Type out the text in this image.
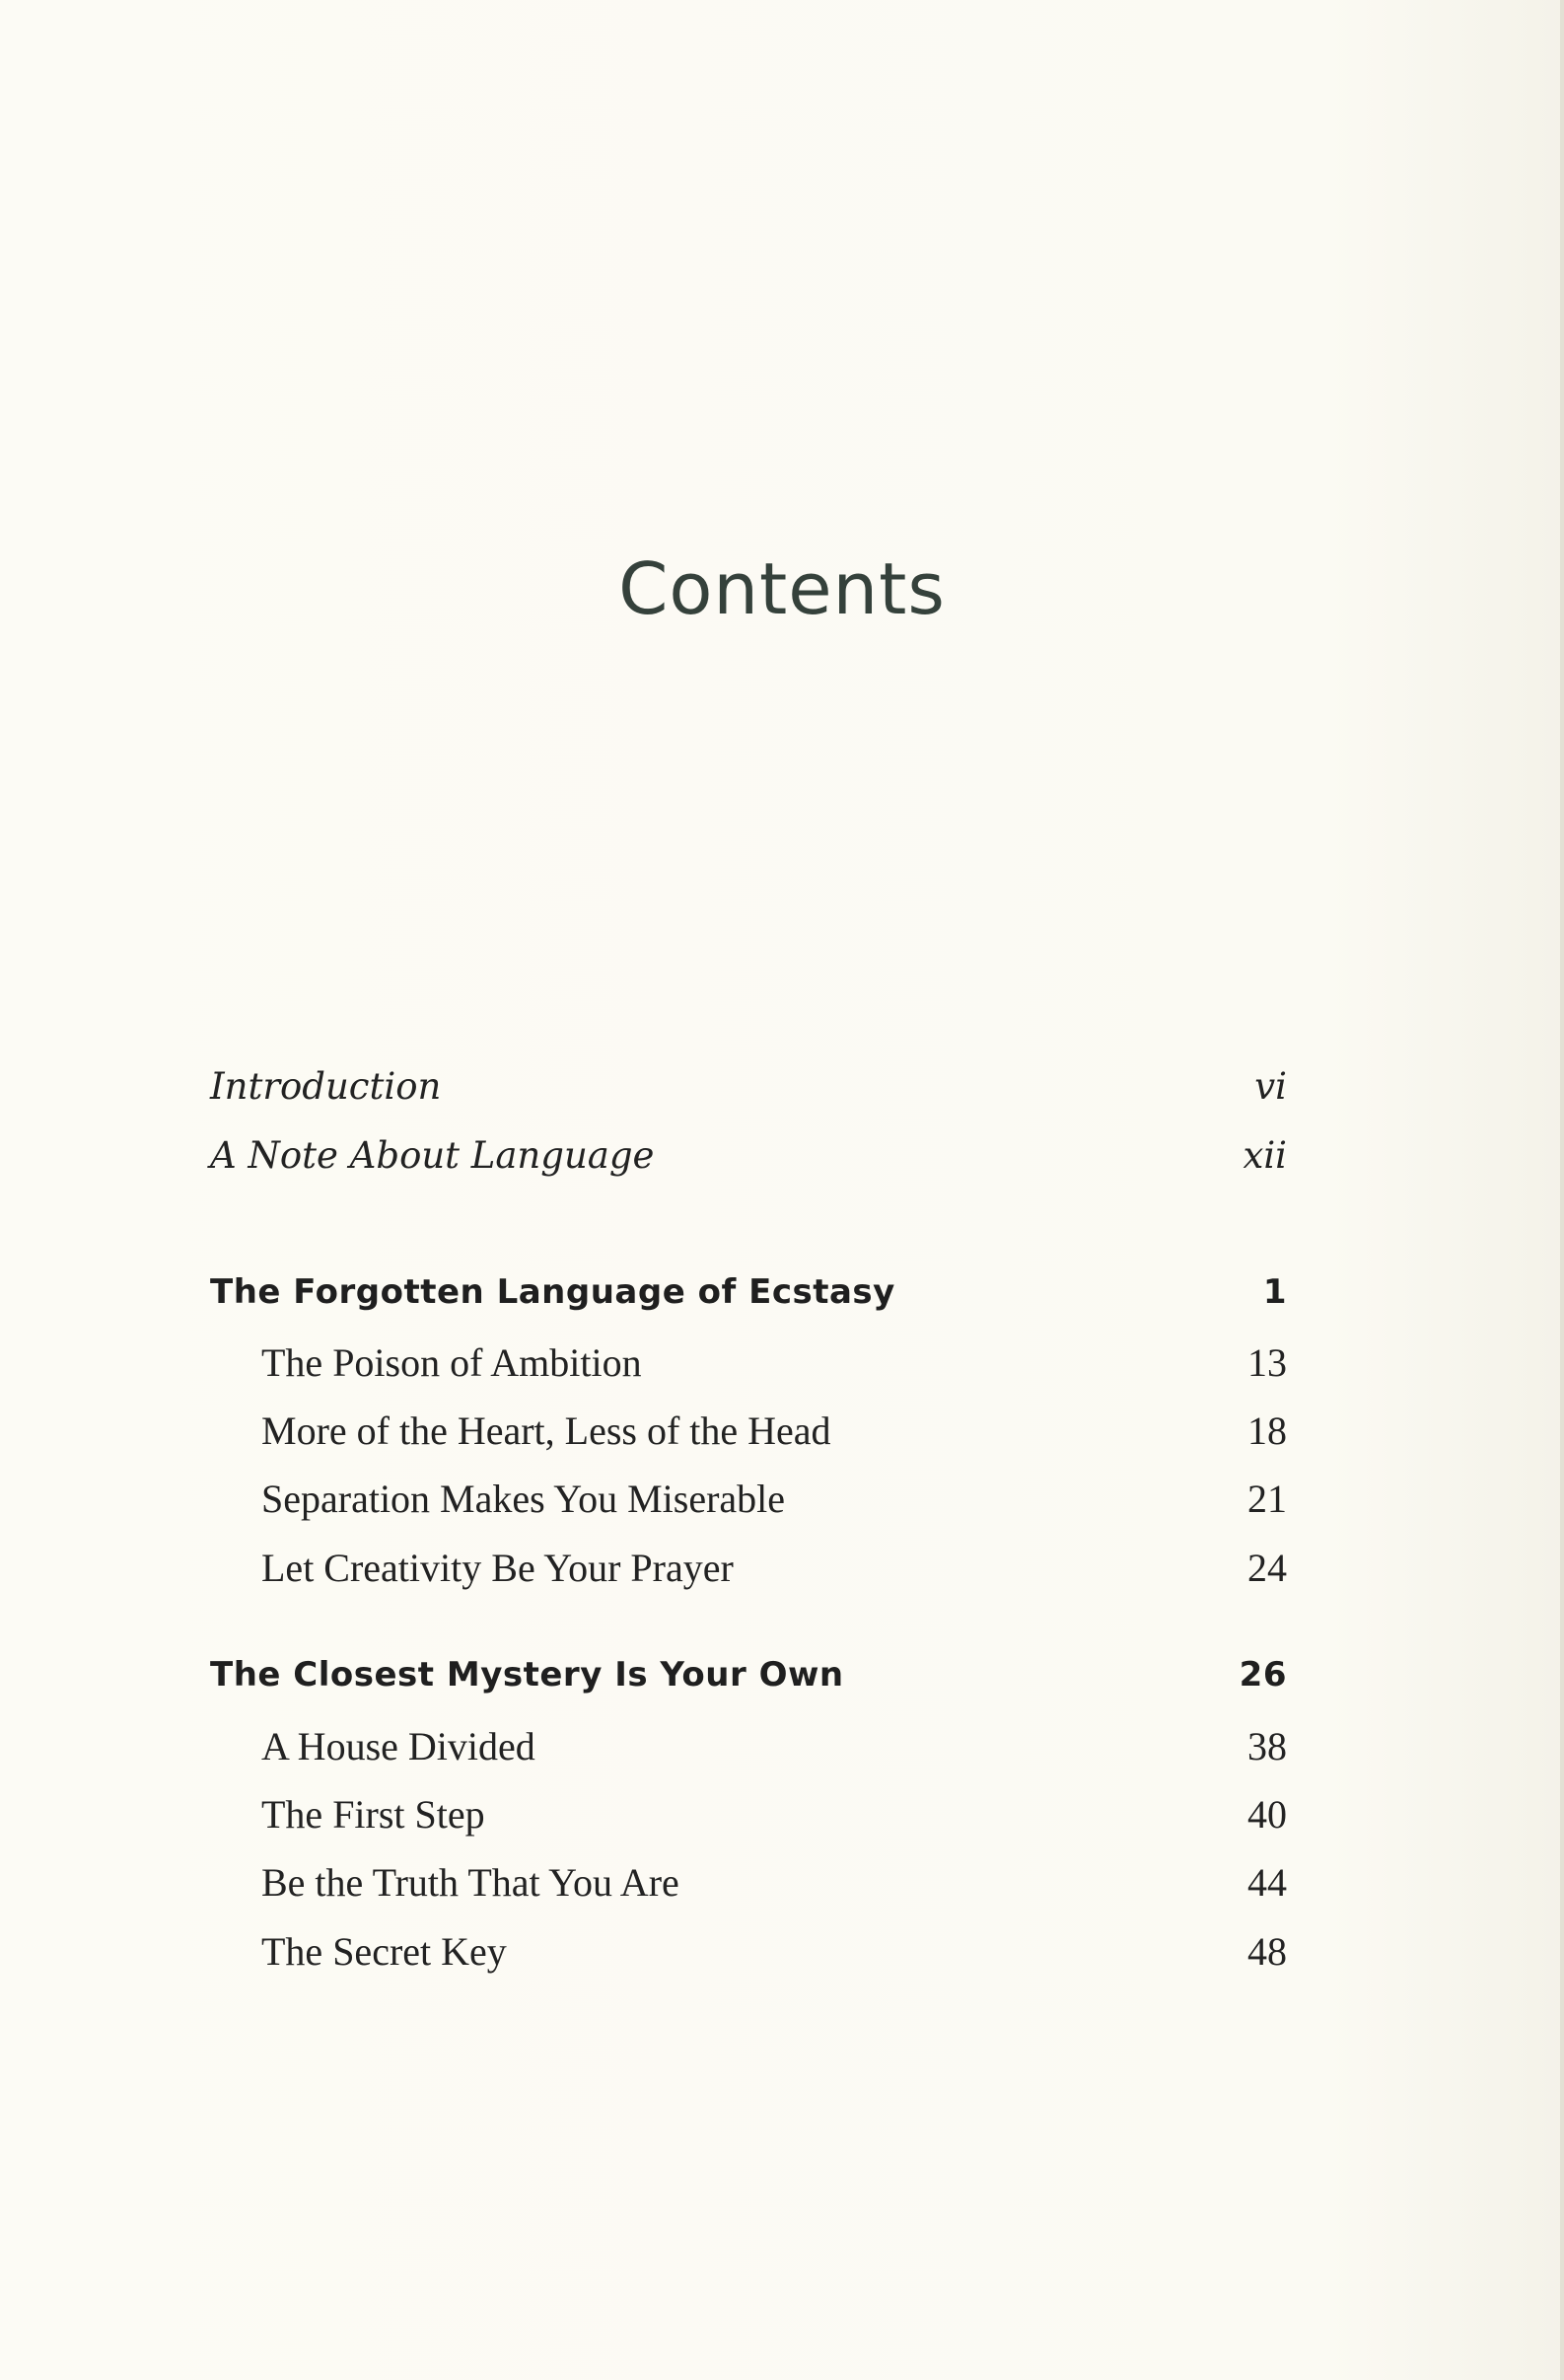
Contents
Introduction	vi
A Note About Language	xii
The Forgotten Language of Ecstasy	1
The Poison of Ambition	13
More of the Heart, Less of the Head	18
Separation Makes You Miserable	21
Let Creativity Be Your Prayer	24
The Closest Mystery Is Your Own	26
A House Divided	38
The First Step	40
Be the Truth That You Are	44
The Secret Key	48
